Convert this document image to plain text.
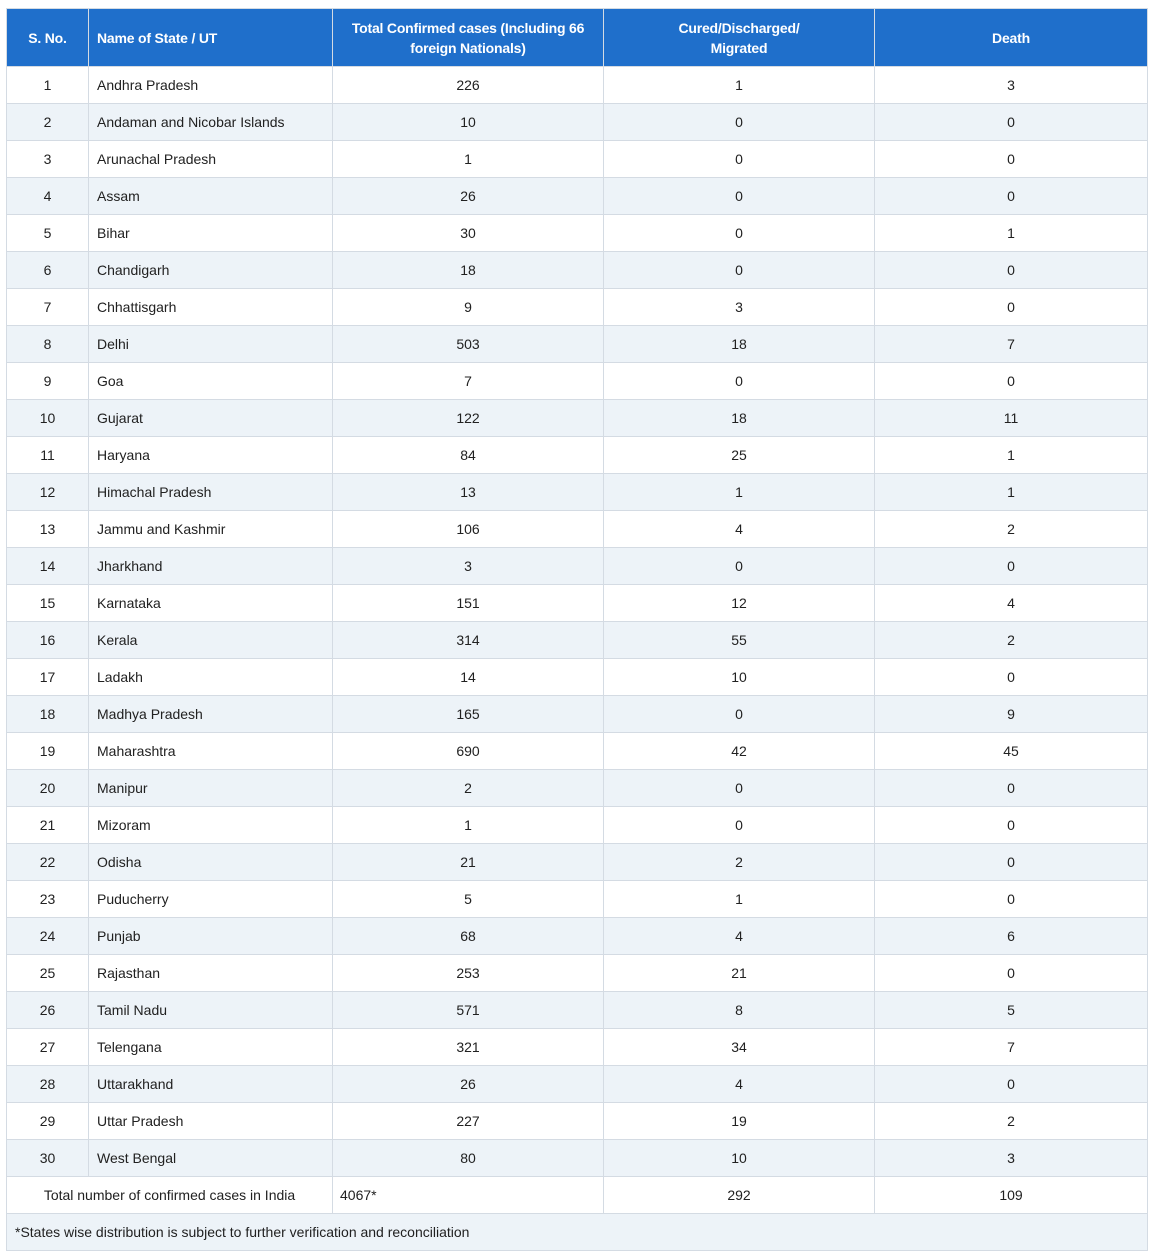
S. No.	Name of State / UT	Total Confirmed cases (Including 66 foreign Nationals)	Cured/Discharged/ Migrated	Death
1	Andhra Pradesh	226	1	3
2	Andaman and Nicobar Islands	10	0	0
3	Arunachal Pradesh	1	0	0
4	Assam	26	0	0
5	Bihar	30	0	1
6	Chandigarh	18	0	0
7	Chhattisgarh	9	3	0
8	Delhi	503	18	7
9	Goa	7	0	0
10	Gujarat	122	18	11
11	Haryana	84	25	1
12	Himachal Pradesh	13	1	1
13	Jammu and Kashmir	106	4	2
14	Jharkhand	3	0	0
15	Karnataka	151	12	4
16	Kerala	314	55	2
17	Ladakh	14	10	0
18	Madhya Pradesh	165	0	9
19	Maharashtra	690	42	45
20	Manipur	2	0	0
21	Mizoram	1	0	0
22	Odisha	21	2	0
23	Puducherry	5	1	0
24	Punjab	68	4	6
25	Rajasthan	253	21	0
26	Tamil Nadu	571	8	5
27	Telengana	321	34	7
28	Uttarakhand	26	4	0
29	Uttar Pradesh	227	19	2
30	West Bengal	80	10	3
Total number of confirmed cases in India		4067*	292	109
*States wise distribution is subject to further verification and reconciliation				
